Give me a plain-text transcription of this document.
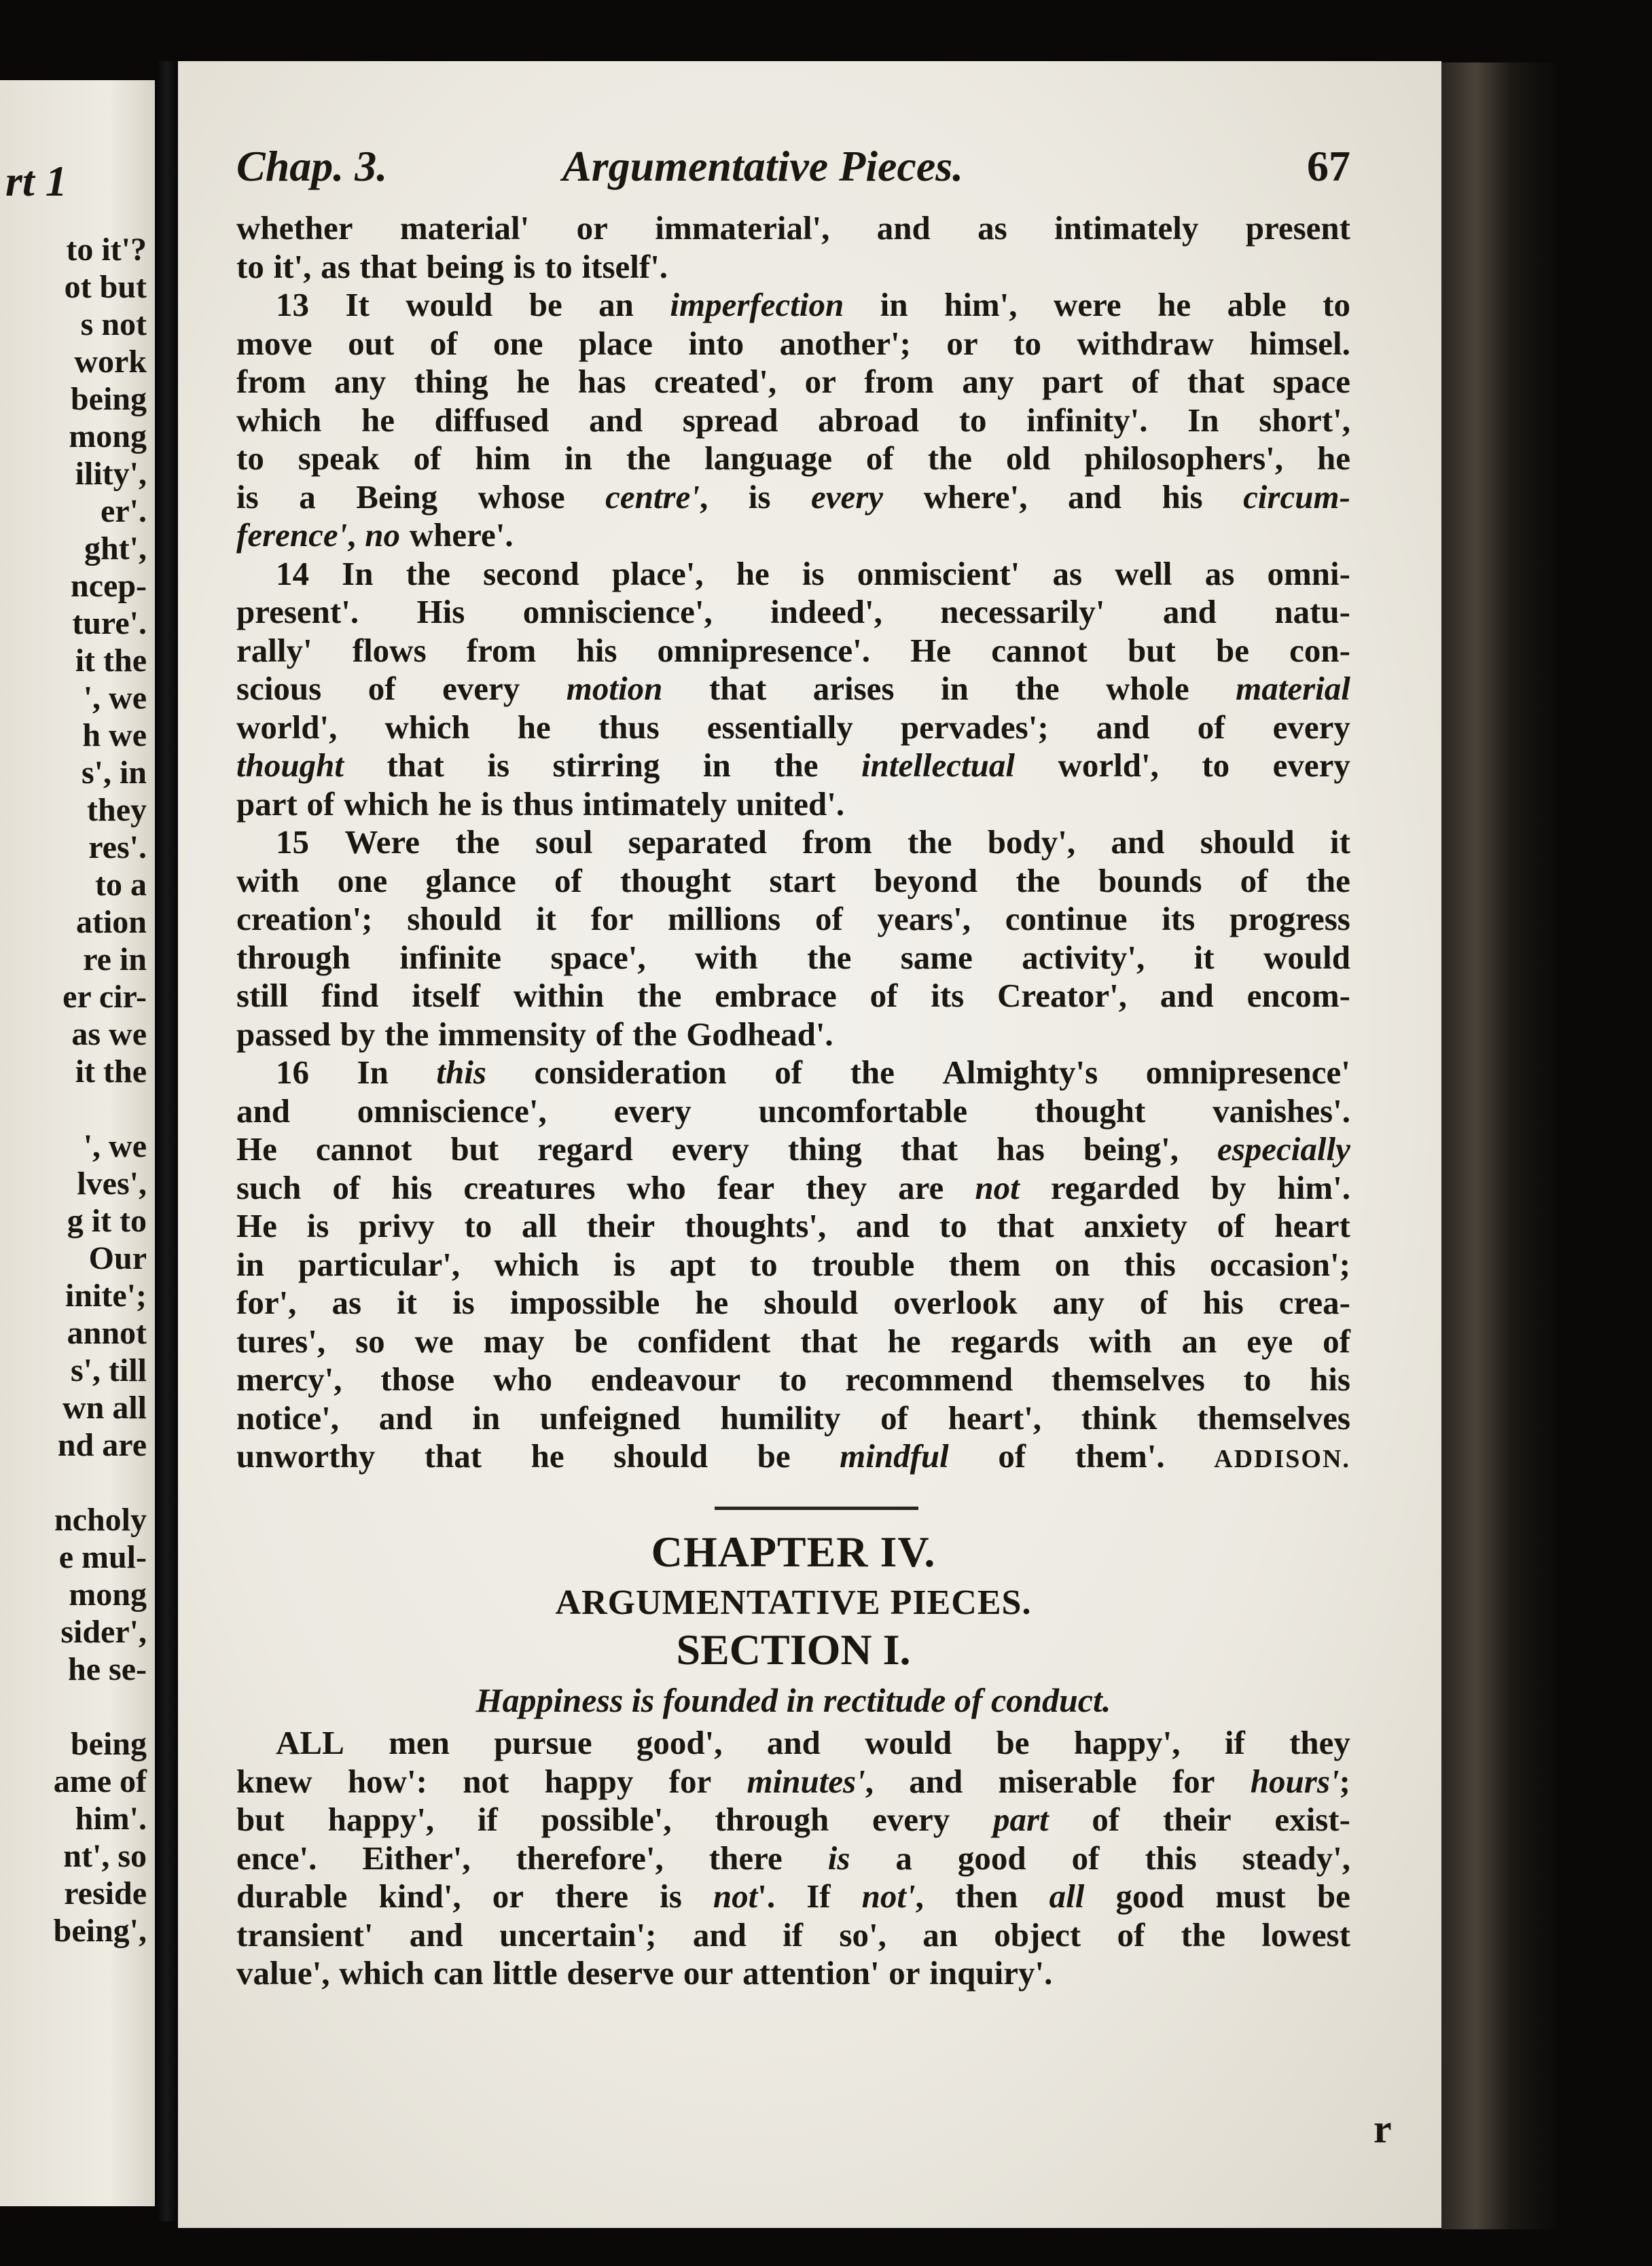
rt 1
to it'?
ot but
s not
work
being
mong
ility',
er'.
ght',
ncep-
ture'.
it the
', we
h we
s', in
they
res'.
to a
ation
re in
er cir-
as we
it the

', we
lves',
g it to
Our
inite';
annot
s', till
wn all
nd are

ncholy
e mul-
mong
sider',
he se-

being
ame of
him'.
nt', so
reside
being',
Chap. 3.	Argumentative Pieces.	67
whether material' or immaterial', and as intimately present
to it', as that being is to itself'.
13 It would be an imperfection in him', were he able to
move out of one place into another'; or to withdraw himsel.
from any thing he has created', or from any part of that space
which he diffused and spread abroad to infinity'. In short',
to speak of him in the language of the old philosophers', he
is a Being whose centre', is every where', and his circum-
ference', no where'.
14 In the second place', he is onmiscient' as well as omni-
present'. His omniscience', indeed', necessarily' and natu-
rally' flows from his omnipresence'. He cannot but be con-
scious of every motion that arises in the whole material
world', which he thus essentially pervades'; and of every
thought that is stirring in the intellectual world', to every
part of which he is thus intimately united'.
15 Were the soul separated from the body', and should it
with one glance of thought start beyond the bounds of the
creation'; should it for millions of years', continue its progress
through infinite space', with the same activity', it would
still find itself within the embrace of its Creator', and encom-
passed by the immensity of the Godhead'.
16 In this consideration of the Almighty's omnipresence'
and omniscience', every uncomfortable thought vanishes'.
He cannot but regard every thing that has being', especially
such of his creatures who fear they are not regarded by him'.
He is privy to all their thoughts', and to that anxiety of heart
in particular', which is apt to trouble them on this occasion';
for', as it is impossible he should overlook any of his crea-
tures', so we may be confident that he regards with an eye of
mercy', those who endeavour to recommend themselves to his
notice', and in unfeigned humility of heart', think themselves
unworthy that he should be mindful of them'. ADDISON.
CHAPTER IV.
ARGUMENTATIVE PIECES.
SECTION I.
Happiness is founded in rectitude of conduct.
ALL men pursue good', and would be happy', if they
knew how': not happy for minutes', and miserable for hours';
but happy', if possible', through every part of their exist-
ence'. Either', therefore', there is a good of this steady',
durable kind', or there is not'. If not', then all good must be
transient' and uncertain'; and if so', an object of the lowest
value', which can little deserve our attention' or inquiry'.
r
